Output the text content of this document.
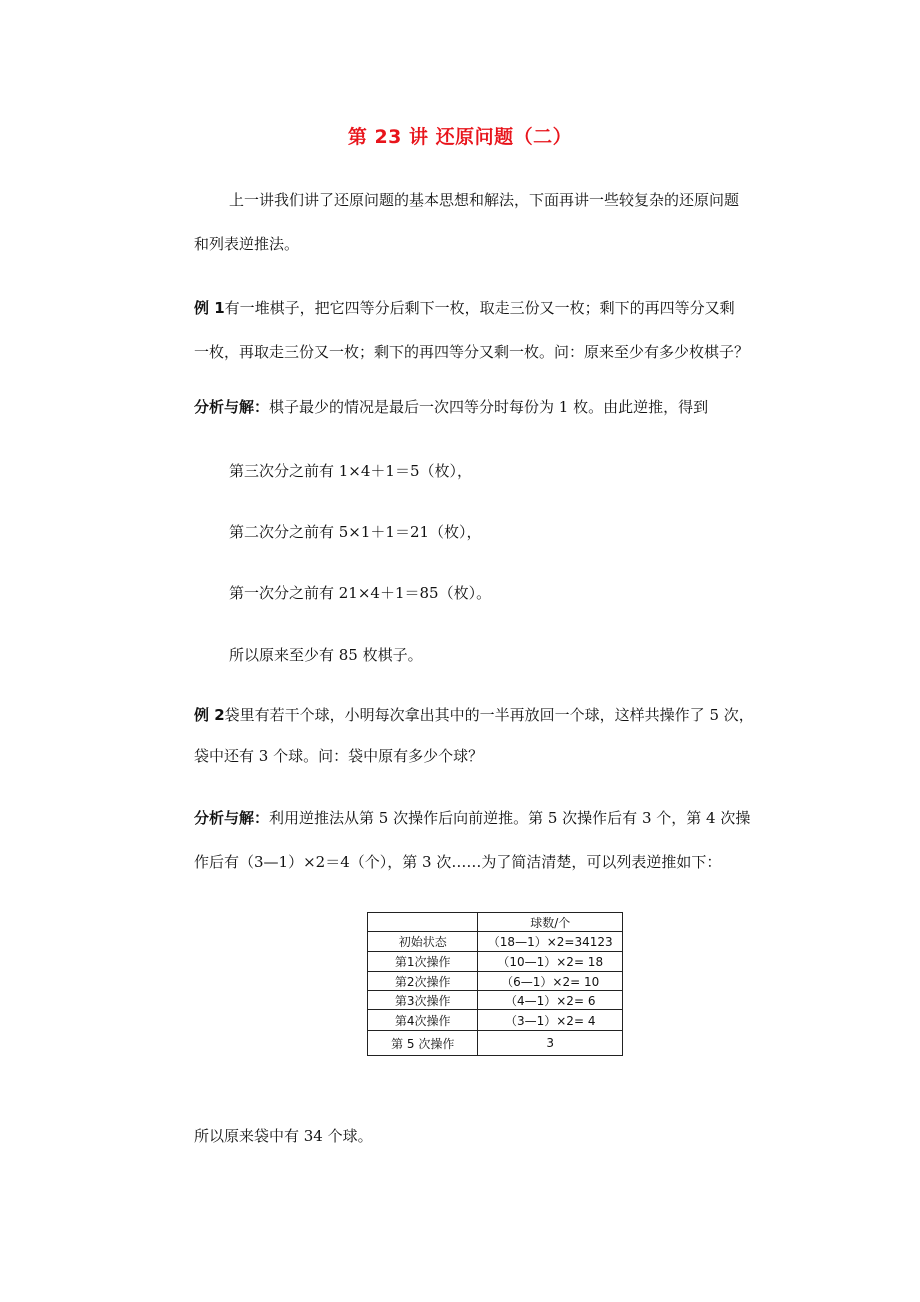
第 23 讲 还原问题（二）
上一讲我们讲了还原问题的基本思想和解法，下面再讲一些较复杂的还原问题
和列表逆推法。
例 1有一堆棋子，把它四等分后剩下一枚，取走三份又一枚；剩下的再四等分又剩
一枚，再取走三份又一枚；剩下的再四等分又剩一枚。问：原来至少有多少枚棋子？
分析与解：棋子最少的情况是最后一次四等分时每份为 1 枚。由此逆推，得到
第三次分之前有 1×4＋1＝5（枚），
第二次分之前有 5×1＋1＝21（枚），
第一次分之前有 21×4＋1＝85（枚）。
所以原来至少有 85 枚棋子。
例 2袋里有若干个球，小明每次拿出其中的一半再放回一个球，这样共操作了 5 次，
袋中还有 3 个球。问：袋中原有多少个球？
分析与解：利用逆推法从第 5 次操作后向前逆推。第 5 次操作后有 3 个，第 4 次操
作后有（3—1）×2＝4（个），第 3 次……为了简洁清楚，可以列表逆推如下：
	球数/个
初始状态	（18—1）×2=34123
第1次操作	（10—1）×2= 18
第2次操作	（6—1）×2= 10
第3次操作	（4—1）×2= 6
第4次操作	（3—1）×2= 4
第 5 次操作	3
所以原来袋中有 34 个球。
